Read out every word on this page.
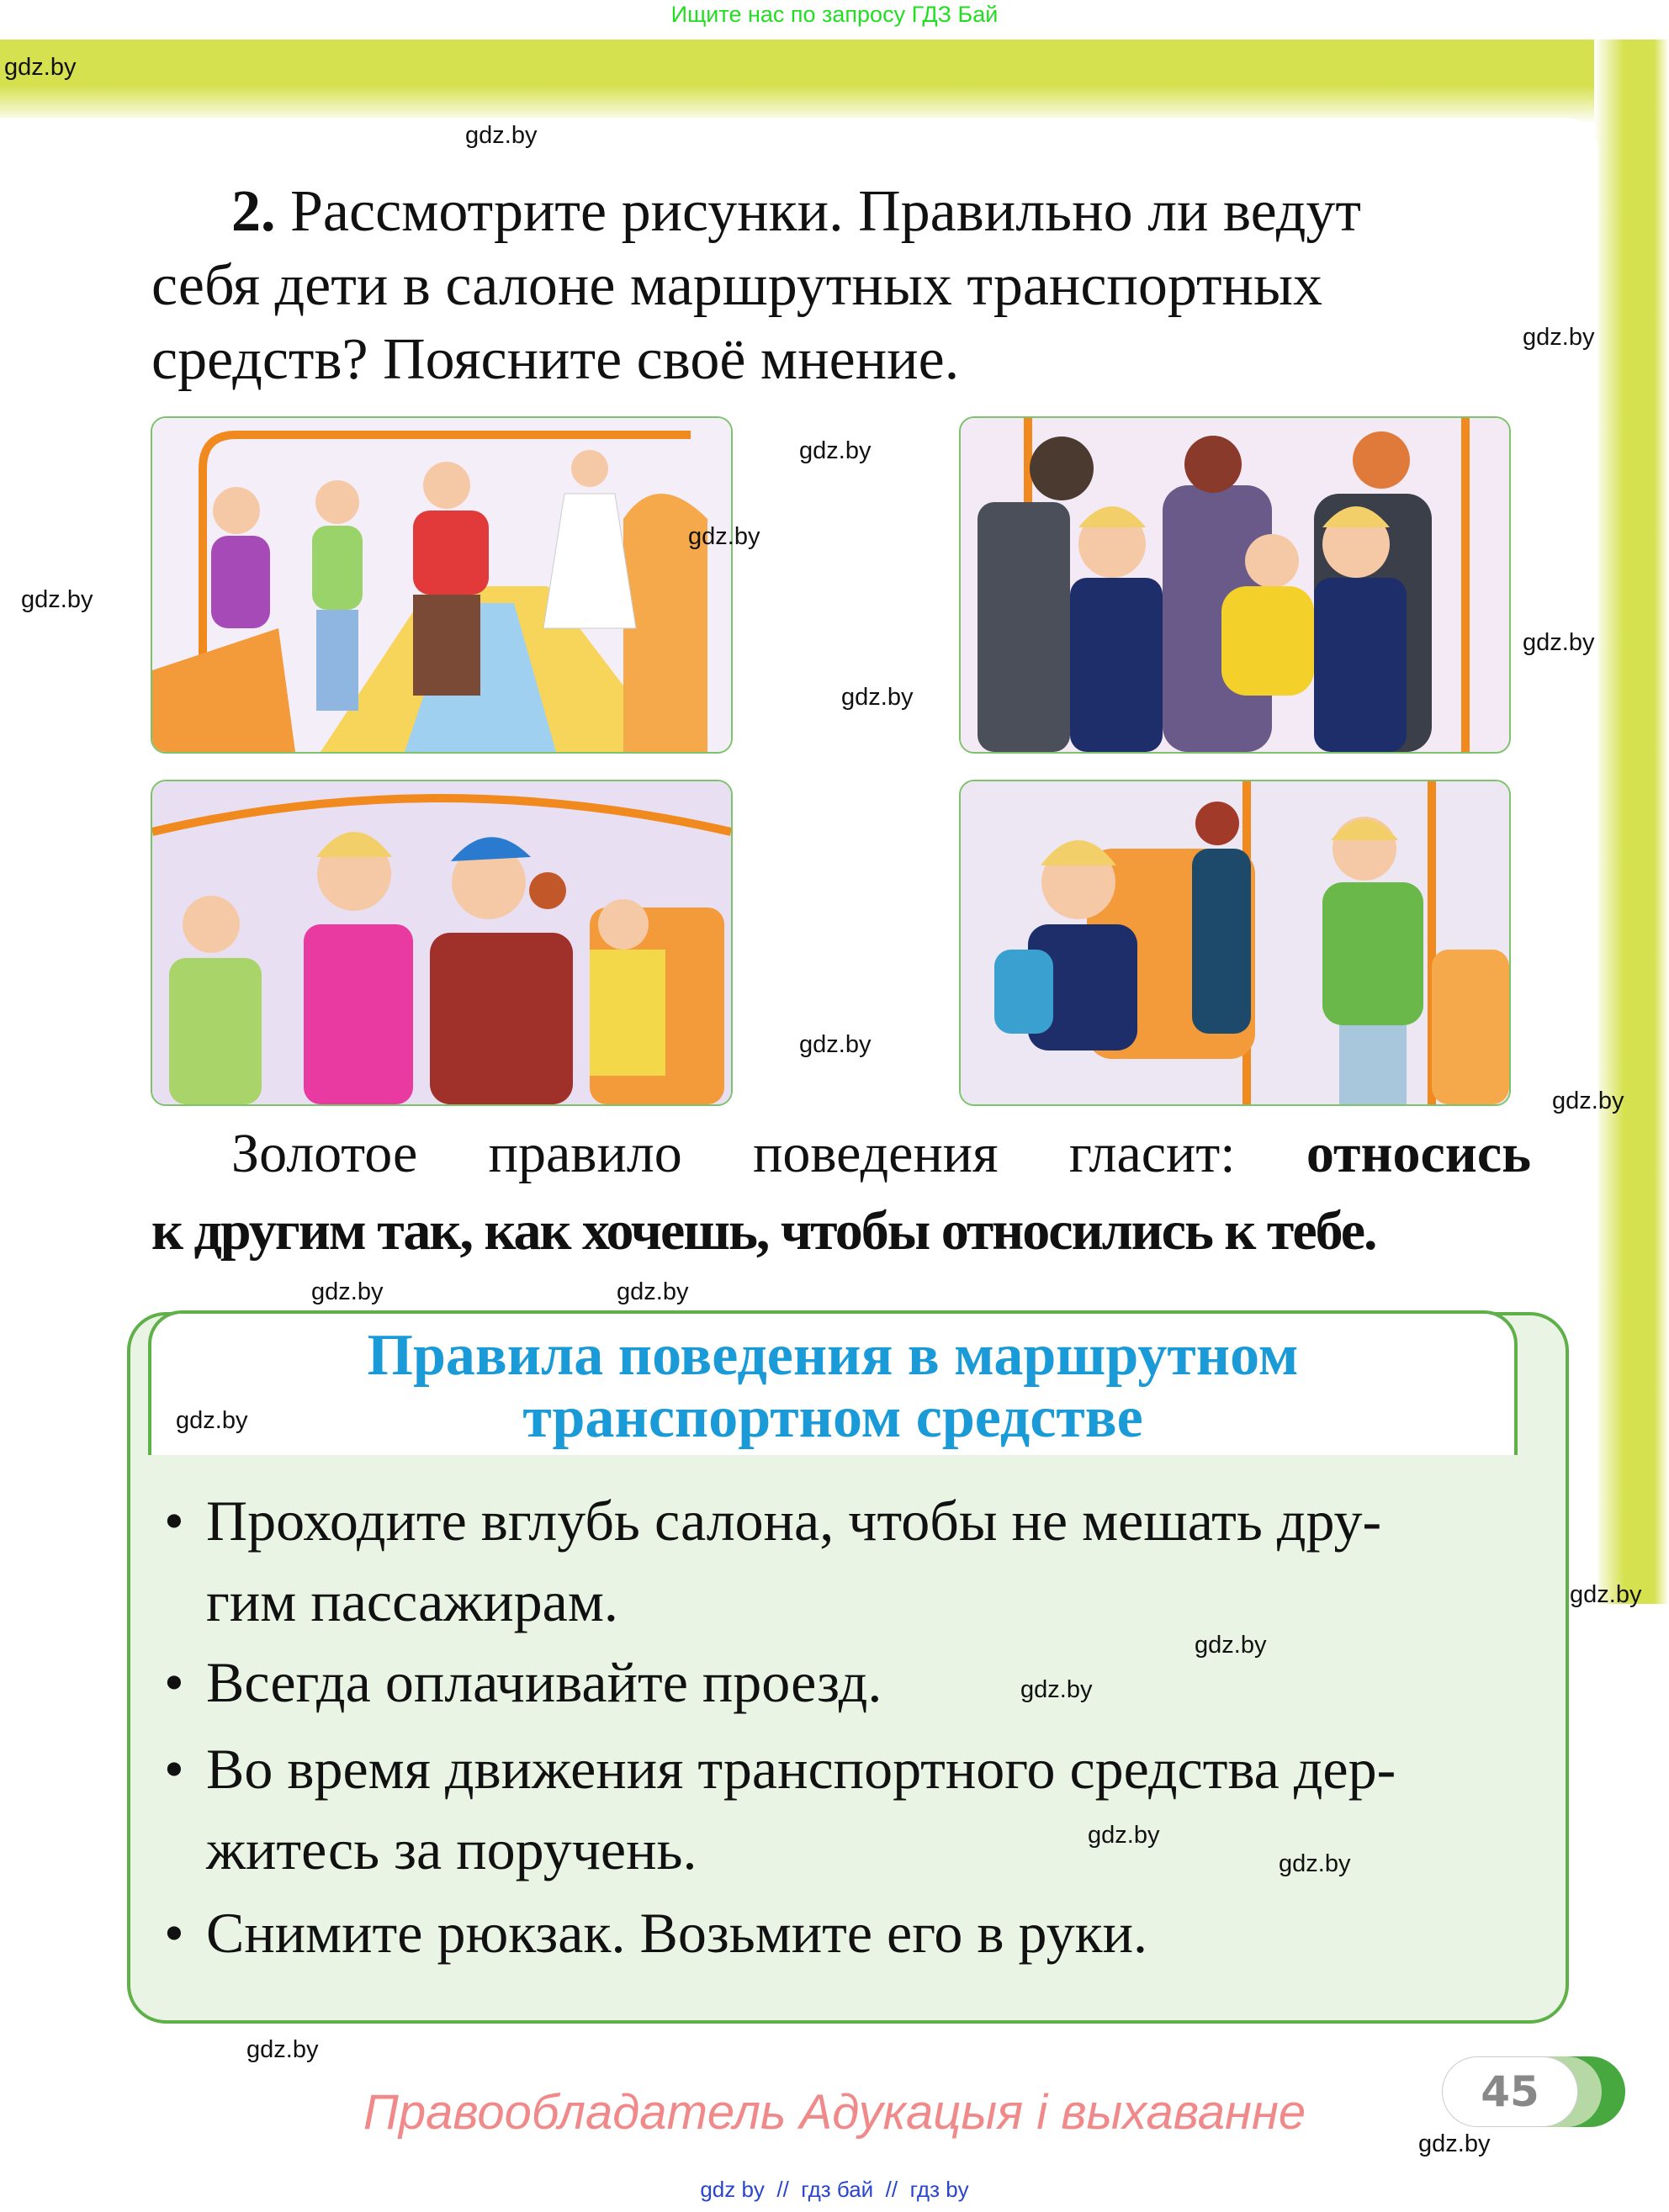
Ищите нас по запросу ГДЗ Бай
2. Рассмотрите рисунки. Правильно ли ведут
себя дети в салоне маршрутных транспортных
средств? Поясните своё мнение.
Золотое правило поведения гласит: относись
к другим так, как хочешь, чтобы относились к тебе.
Правила поведения в маршрутном
транспортном средстве
• Проходите вглубь салона, чтобы не мешать дру-
гим пассажирам.
• Всегда оплачивайте проезд.
• Во время движения транспортного средства дер-
житесь за поручень.
• Снимите рюкзак. Возьмите его в руки.
Правообладатель Адукацыя і выхаванне	45
gdz by // гдз бай // гдз by
gdz.by
gdz.by
gdz.by
gdz.by
gdz.by
gdz.by
gdz.by
gdz.by
gdz.by
gdz.by
gdz.by
gdz.by
gdz.by
gdz.by
gdz.by
gdz.by
gdz.by
gdz.by
gdz.by
gdz.by
